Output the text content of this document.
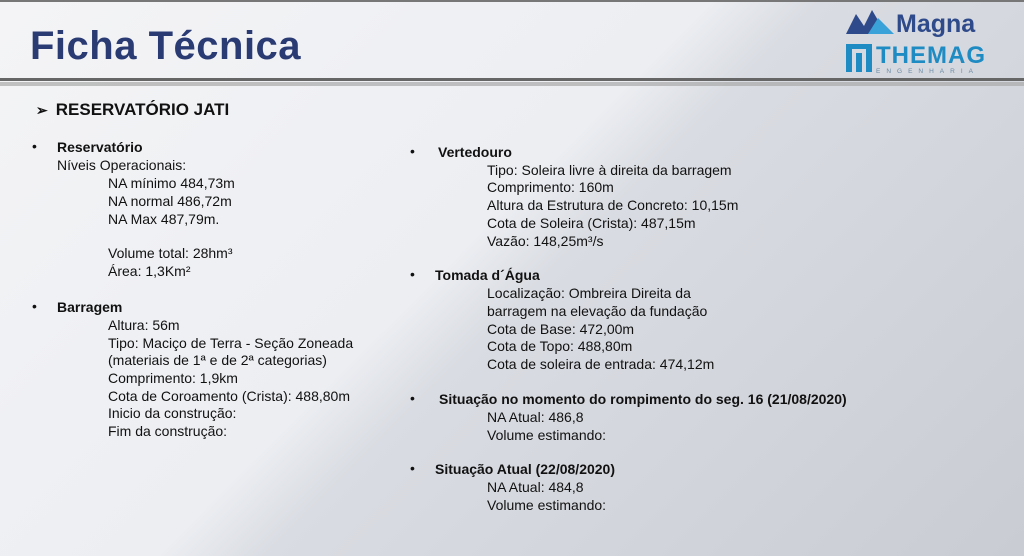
Ficha Técnica	Magna
THEMAG
ENGENHARIA
➢ RESERVATÓRIO JATI
• Reservatório
Níveis Operacionais:
NA mínimo 484,73m
NA normal 486,72m
NA Max 487,79m.
Volume total: 28hm³
Área: 1,3Km²
• Barragem
Altura: 56m
Tipo: Maciço de Terra - Seção Zoneada
(materiais de 1ª e de 2ª categorias)
Comprimento: 1,9km
Cota de Coroamento (Crista): 488,80m
Inicio da construção:
Fim da construção:
• Vertedouro
Tipo: Soleira livre à direita da barragem
Comprimento: 160m
Altura da Estrutura de Concreto: 10,15m
Cota de Soleira (Crista): 487,15m
Vazão: 148,25m³/s
• Tomada d´Água
Localização: Ombreira Direita da
barragem na elevação da fundação
Cota de Base: 472,00m
Cota de Topo: 488,80m
Cota de soleira de entrada: 474,12m
• Situação no momento do rompimento do seg. 16 (21/08/2020)
NA Atual: 486,8
Volume estimando:
• Situação Atual (22/08/2020)
NA Atual: 484,8
Volume estimando:
